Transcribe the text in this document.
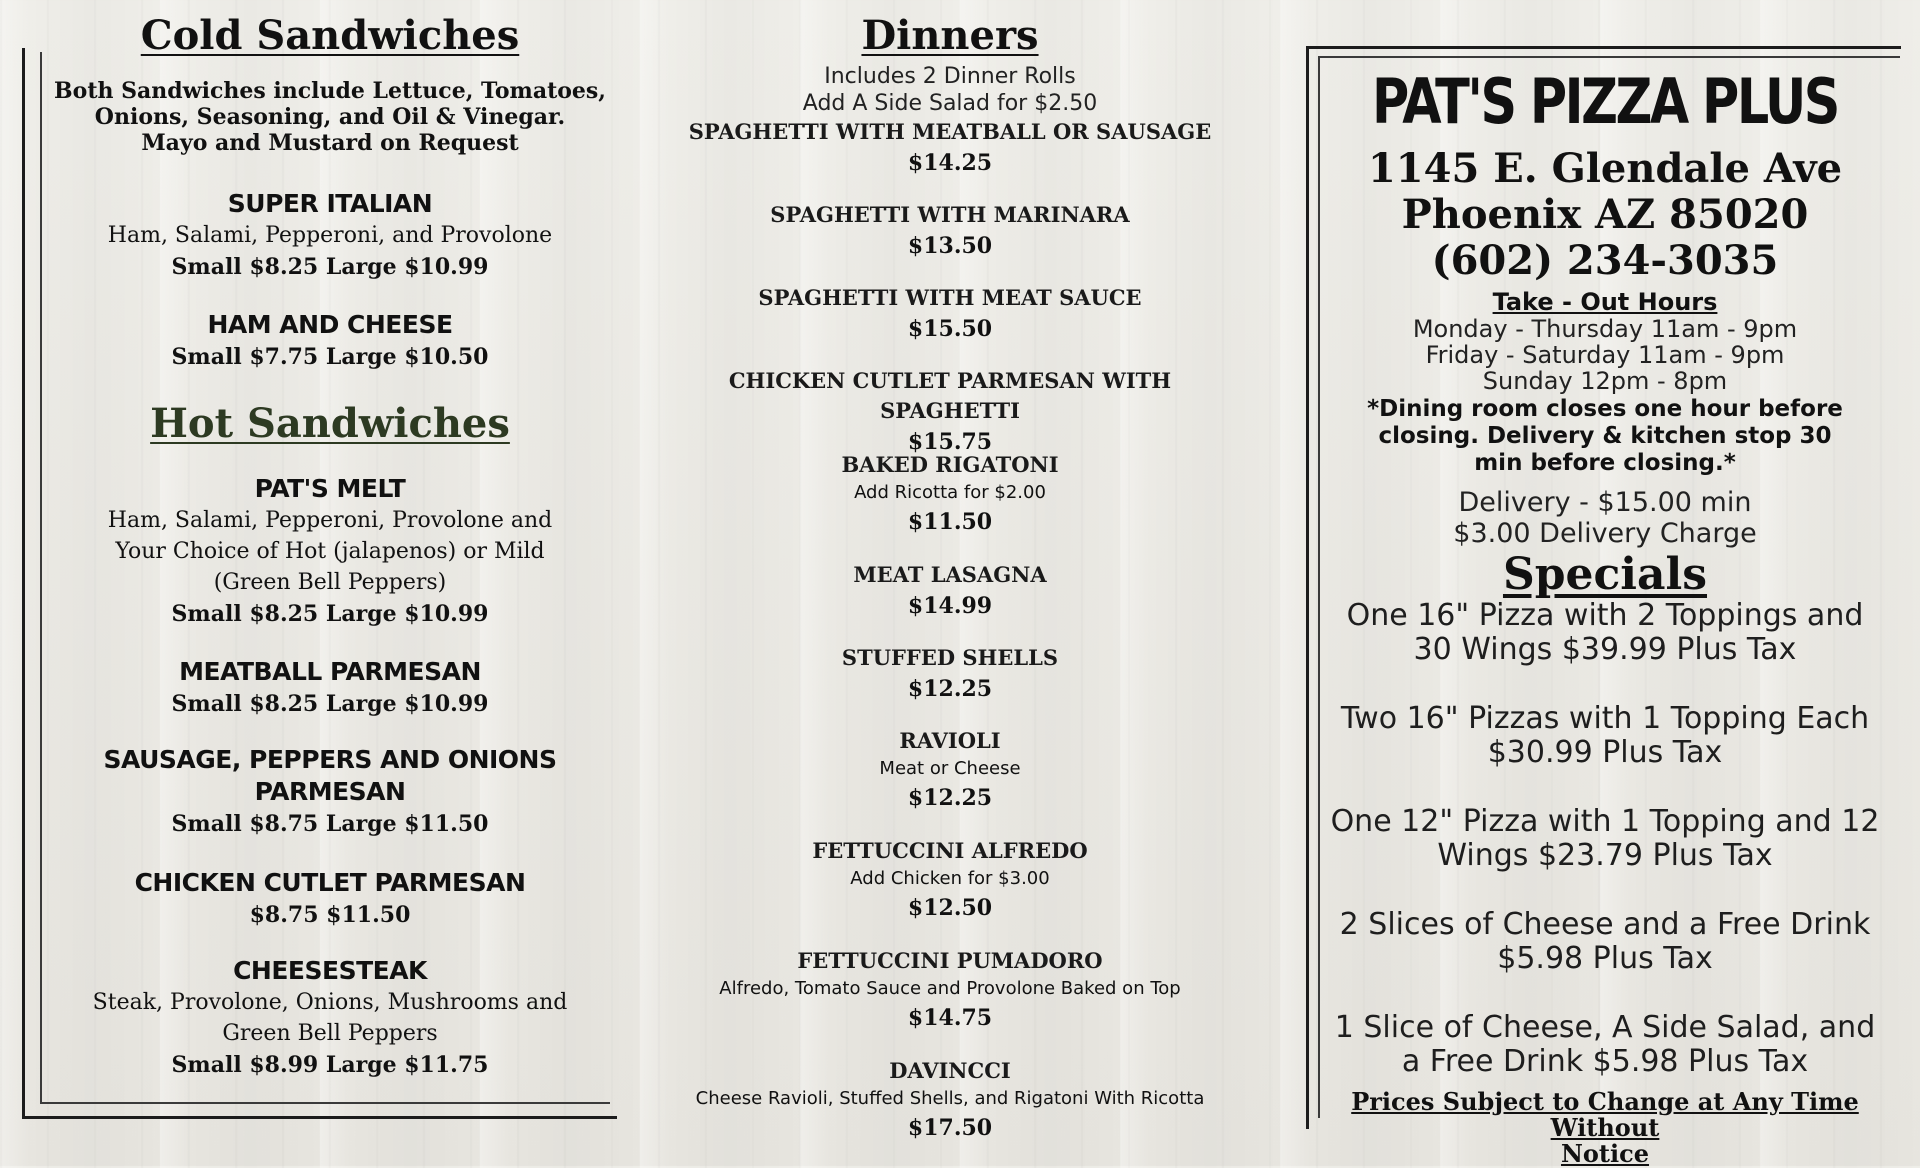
Cold Sandwiches
Both Sandwiches include Lettuce, Tomatoes,
Onions, Seasoning, and Oil & Vinegar.
Mayo and Mustard on Request
SUPER ITALIAN
Ham, Salami, Pepperoni, and Provolone
Small $8.25 Large $10.99
HAM AND CHEESE
Small $7.75 Large $10.50
Hot Sandwiches
PAT'S MELT
Ham, Salami, Pepperoni, Provolone and
Your Choice of Hot (jalapenos) or Mild
(Green Bell Peppers)
Small $8.25 Large $10.99
MEATBALL PARMESAN
Small $8.25 Large $10.99
SAUSAGE, PEPPERS AND ONIONS
PARMESAN
Small $8.75 Large $11.50
CHICKEN CUTLET PARMESAN
$8.75 $11.50
CHEESESTEAK
Steak, Provolone, Onions, Mushrooms and
Green Bell Peppers
Small $8.99 Large $11.75
Dinners
Includes 2 Dinner Rolls
Add A Side Salad for $2.50
SPAGHETTI WITH MEATBALL OR SAUSAGE
$14.25
SPAGHETTI WITH MARINARA
$13.50
SPAGHETTI WITH MEAT SAUCE
$15.50
CHICKEN CUTLET PARMESAN WITH SPAGHETTI
$15.75
BAKED RIGATONI
Add Ricotta for $2.00
$11.50
MEAT LASAGNA
$14.99
STUFFED SHELLS
$12.25
RAVIOLI
Meat or Cheese
$12.25
FETTUCCINI ALFREDO
Add Chicken for $3.00
$12.50
FETTUCCINI PUMADORO
Alfredo, Tomato Sauce and Provolone Baked on Top
$14.75
DAVINCCI
Cheese Ravioli, Stuffed Shells, and Rigatoni With Ricotta
$17.50
PAT'S PIZZA PLUS
1145 E. Glendale Ave
Phoenix AZ 85020
(602) 234-3035
Take - Out Hours
Monday - Thursday 11am - 9pm
Friday - Saturday 11am - 9pm
Sunday 12pm - 8pm
*Dining room closes one hour before
closing. Delivery & kitchen stop 30
min before closing.*
Delivery - $15.00 min
$3.00 Delivery Charge
Specials
One 16" Pizza with 2 Toppings and
30 Wings $39.99 Plus Tax
Two 16" Pizzas with 1 Topping Each
$30.99 Plus Tax
One 12" Pizza with 1 Topping and 12
Wings $23.79 Plus Tax
2 Slices of Cheese and a Free Drink
$5.98 Plus Tax
1 Slice of Cheese, A Side Salad, and
a Free Drink $5.98 Plus Tax
Prices Subject to Change at Any Time Without
Notice
